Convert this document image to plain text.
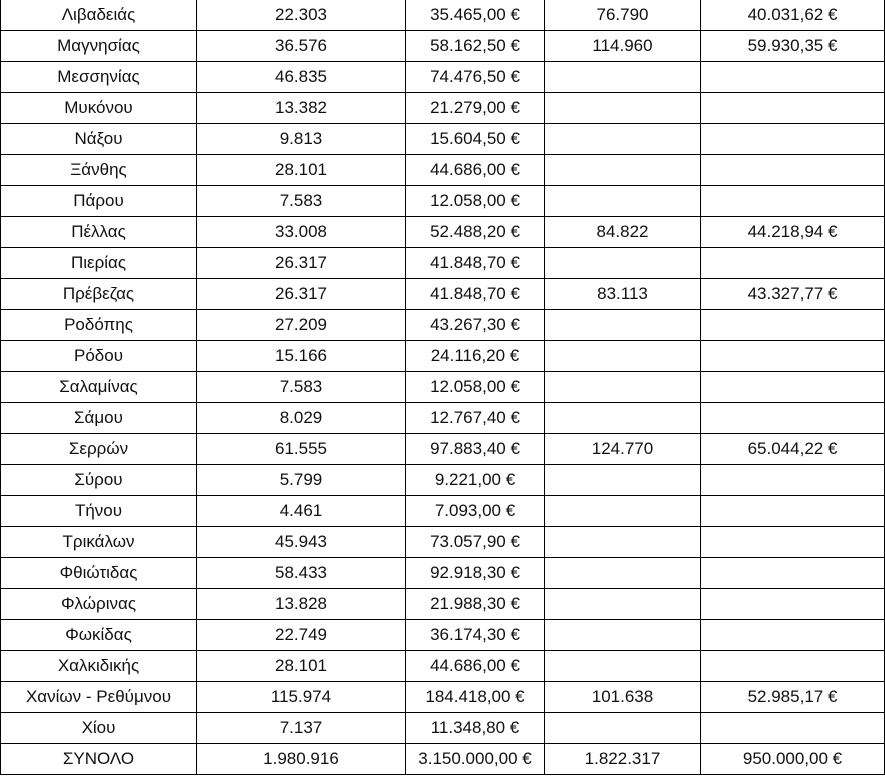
Λιβαδειάς	22.303	35.465,00 €	76.790	40.031,62 €
Μαγνησίας	36.576	58.162,50 €	114.960	59.930,35 €
Μεσσηνίας	46.835	74.476,50 €		
Μυκόνου	13.382	21.279,00 €		
Νάξου	9.813	15.604,50 €		
Ξάνθης	28.101	44.686,00 €		
Πάρου	7.583	12.058,00 €		
Πέλλας	33.008	52.488,20 €	84.822	44.218,94 €
Πιερίας	26.317	41.848,70 €		
Πρέβεζας	26.317	41.848,70 €	83.113	43.327,77 €
Ροδόπης	27.209	43.267,30 €		
Ρόδου	15.166	24.116,20 €		
Σαλαμίνας	7.583	12.058,00 €		
Σάμου	8.029	12.767,40 €		
Σερρών	61.555	97.883,40 €	124.770	65.044,22 €
Σύρου	5.799	9.221,00 €		
Τήνου	4.461	7.093,00 €		
Τρικάλων	45.943	73.057,90 €		
Φθιώτιδας	58.433	92.918,30 €		
Φλώρινας	13.828	21.988,30 €		
Φωκίδας	22.749	36.174,30 €		
Χαλκιδικής	28.101	44.686,00 €		
Χανίων - Ρεθύμνου	115.974	184.418,00 €	101.638	52.985,17 €
Χίου	7.137	11.348,80 €		
ΣΥΝΟΛΟ	1.980.916	3.150.000,00 €	1.822.317	950.000,00 €
